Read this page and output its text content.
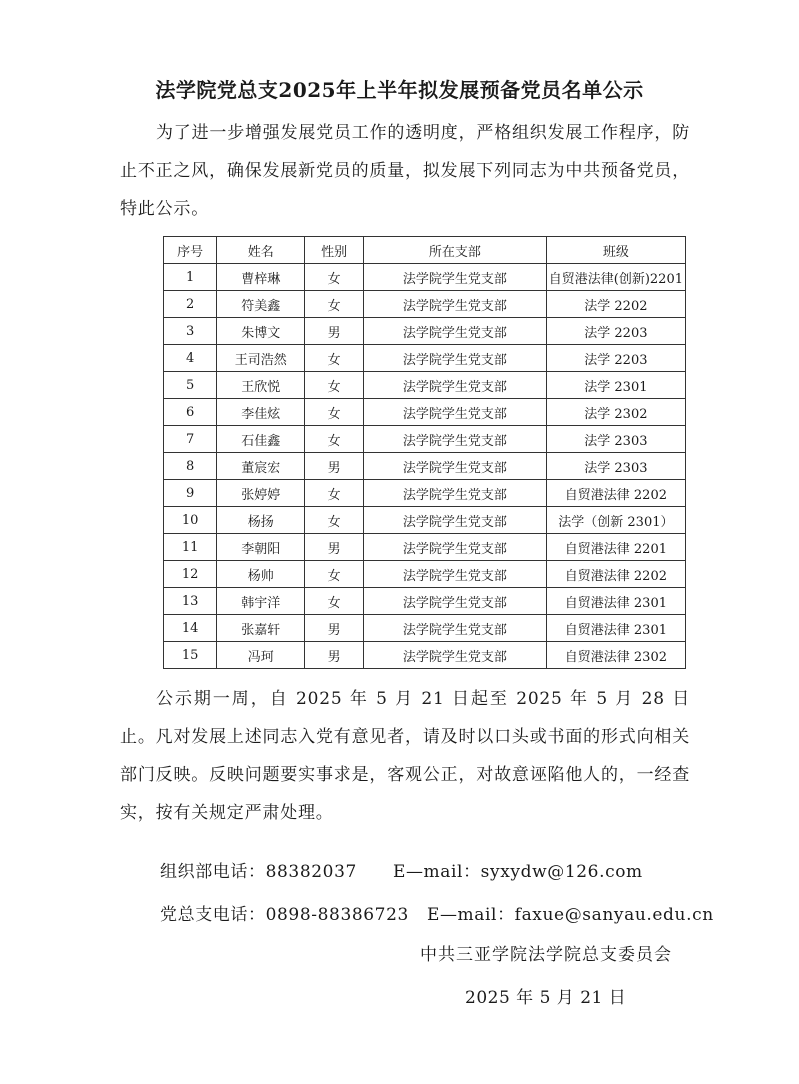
法学院党总支2025年上半年拟发展预备党员名单公示

为了进一步增强发展党员工作的透明度，严格组织发展工作程序，防止不正之风，确保发展新党员的质量，拟发展下列同志为中共预备党员，特此公示。

序号	姓名	性别	所在支部	班级
1	曹梓琳	女	法学院学生党支部	自贸港法律(创新)2201
2	符美鑫	女	法学院学生党支部	法学 2202
3	朱博文	男	法学院学生党支部	法学 2203
4	王司浩然	女	法学院学生党支部	法学 2203
5	王欣悦	女	法学院学生党支部	法学 2301
6	李佳炫	女	法学院学生党支部	法学 2302
7	石佳鑫	女	法学院学生党支部	法学 2303
8	董宸宏	男	法学院学生党支部	法学 2303
9	张婷婷	女	法学院学生党支部	自贸港法律 2202
10	杨扬	女	法学院学生党支部	法学（创新 2301）
11	李朝阳	男	法学院学生党支部	自贸港法律 2201
12	杨帅	女	法学院学生党支部	自贸港法律 2202
13	韩宇洋	女	法学院学生党支部	自贸港法律 2301
14	张嘉轩	男	法学院学生党支部	自贸港法律 2301
15	冯珂	男	法学院学生党支部	自贸港法律 2302

公示期一周，自 2025 年 5 月 21 日起至 2025 年 5 月 28 日止。凡对发展上述同志入党有意见者，请及时以口头或书面的形式向相关部门反映。反映问题要实事求是，客观公正，对故意诬陷他人的，一经查实，按有关规定严肃处理。

组织部电话：88382037 E—mail：syxydw@126.com
党总支电话：0898-88386723 E—mail：faxue@sanyau.edu.cn
中共三亚学院法学院总支委员会
2025 年 5 月 21 日
